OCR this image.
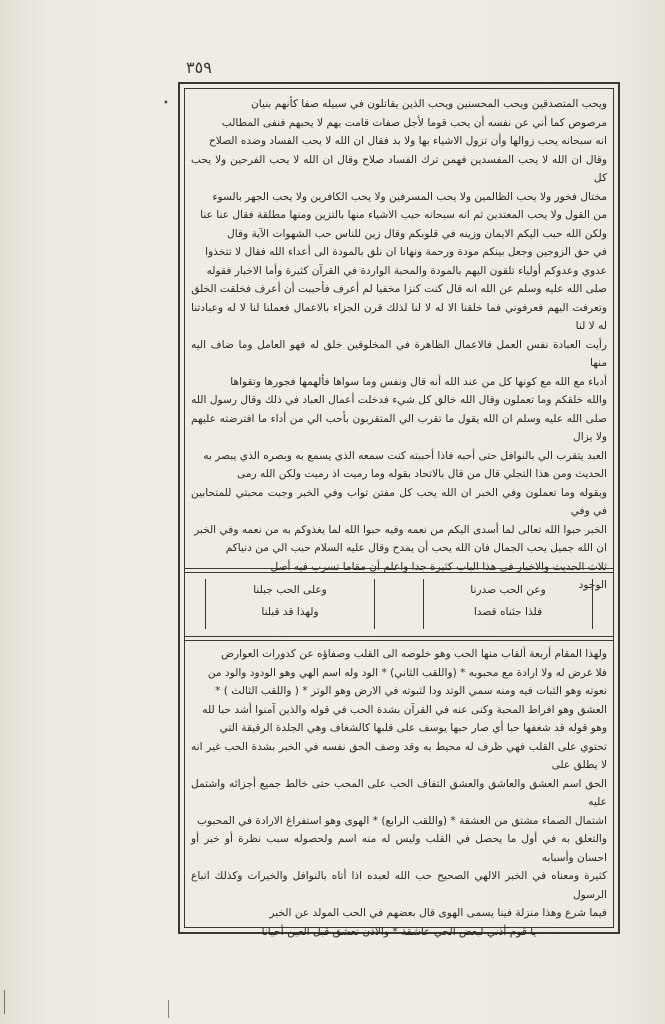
٣٥٩
•	ويحب المتصدقين ويحب المحسنين ويحب الذين يقاتلون في سبيله صفا كأنهم بنيان
مرصوص كما أني عن نفسه أن يحب قوما لأجل صفات قامت بهم لا يحبهم فنفى المطالب
انه سبحانه يحب زوالها وأن تزول الاشياء بها ولا بد فقال ان الله لا يحب الفساد وضده الصلاح
وقال ان الله لا يحب المفسدين فهمن ترك الفساد صلاح وقال ان الله لا يحب الفرحين ولا يحب كل
مختال فخور ولا يحب الظالمين ولا يحب المسرفين ولا يحب الكافرين ولا يحب الجهر بالسوء
من القول ولا يحب المعتدين ثم انه سبحانه حبب الاشياء منها بالتزين ومنها مطلقة فقال عنا عنا
ولكن الله حبب اليكم الايمان وزينه في قلوبكم وقال زين للناس حب الشهوات الآية وقال
في حق الزوجين وجعل بينكم مودة ورحمة ونهانا ان نلق بالمودة الى أعداء الله فقال لا تتخذوا
عدوي وعدوكم أولياء تلقون اليهم بالمودة والمحبة الواردة في القرآن كثيرة وأما الاخبار فقوله
صلى الله عليه وسلم عن الله انه قال كنت كنزا مخفيا لم أعرف فأحببت أن أعرف فخلقت الخلق
وتعرفت اليهم فعرفوني فما خلقنا الا له لا لنا لذلك قرن الجزاء بالاعمال فعملنا لنا لا له وعبادتنا له لا لنا
رأيت العبادة نفس العمل فالاعمال الظاهرة في المخلوقين خلق له فهو العامل وما ضاف اليه منها
أدباء مع الله مع كونها كل من عند الله أنه قال ونفس وما سواها فألهمها فجورها وتقواها
والله خلقكم وما تعملون وقال الله خالق كل شيء فدخلت أعمال العباد في ذلك وقال رسول الله
صلى الله عليه وسلم ان الله يقول ما تقرب الي المتقربون بأحب الي من أداء ما افترضته عليهم ولا يزال
العبد يتقرب الي بالنوافل حتى أحبه فاذا أحببته كنت سمعه الذي يسمع به وبصره الذي يبصر به
الحديث ومن هذا التجلي قال من قال بالاتحاد بقوله وما رميت اذ رميت ولكن الله رمى
وبقوله وما تعملون وفي الخبر ان الله يحب كل مفتن تواب وفي الخبر وجبت محبتي للمتحابين في وفي
الخبر حبوا الله تعالى لما أسدى اليكم من نعمه وفيه حبوا الله لما يغذوكم به من نعمه وفي الخبر
ان الله جميل يحب الجمال فان الله يحب أن يمدح وقال عليه السلام حبب الي من دنياكم
ثلاث الحديث والاخبار في هذا الباب كثيرة جدا واعلم أن مقاما تسرب فيه أصل
الوجود
وعن الحب صدرنا
فلذا جئناه قصدا
وعلى الحب جبلنا
ولهذا قد قبلنا
ولهذا المقام أربعة ألقاب منها الحب وهو خلوصه الى القلب وصفاؤه عن كدورات العوارض
فلا غرض له ولا ارادة مع محبوبه * (واللقب الثاني) * الود وله اسم الهي وهو الودود والود من
نعوته وهو الثبات فيه ومنه سمي الوتد ودا لثبوته في الارض وهو الوتر * ( واللقب الثالث ) *
العشق وهو افراط المحبة وكنى عنه في القرآن بشدة الحب في قوله والذين آمنوا أشد حبا لله
وهو قوله قد شغفها حبا أي صار حبها يوسف على قلبها كالشغاف وهي الجلدة الرقيقة التي
تحتوي على القلب فهي ظرف له محيط به وقد وصف الحق نفسه في الخبر بشدة الحب غير انه لا يطلق على
الحق اسم العشق والعاشق والعشق التفاف الحب على المحب حتى خالط جميع أجزائه واشتمل عليه
اشتمال الصماء مشتق من العشقة * (واللقب الرابع) * الهوى وهو استفراغ الارادة في المحبوب
والتعلق به في أول ما يحصل في القلب وليس له منه اسم ولحصوله سبب نظرة أو خبر أو احسان وأسبابه
كثيرة ومعناه في الخبر الالهي الصحيح حب الله لعبده اذا أتاه بالنوافل والخيرات وكذلك اتباع الرسول
فيما شرع وهذا منزلة فينا يسمى الهوى قال بعضهم في الحب المولد عن الخبر
يا قوم أذني لبعض الحي عاشقة * والاذن تعشق قبل العين أحيانا
